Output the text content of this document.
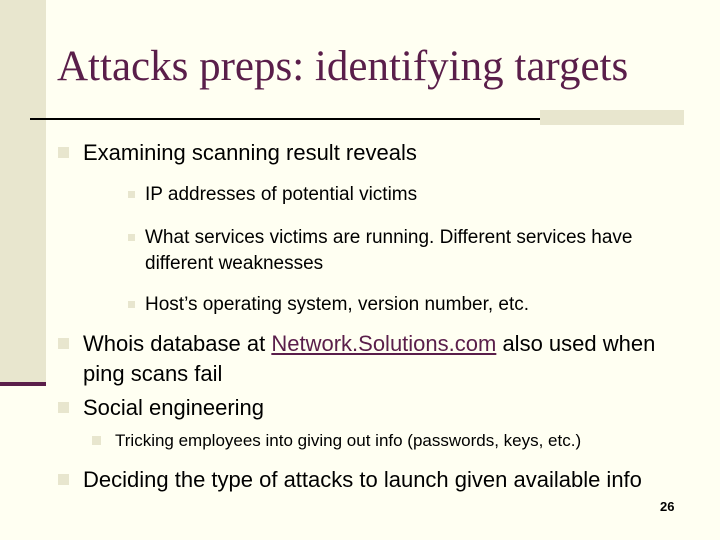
Attacks preps: identifying targets
Examining scanning result reveals
IP addresses of potential victims
What services victims are running. Different services have
different weaknesses
Host’s operating system, version number, etc.
Whois database at Network.Solutions.com also used when
ping scans fail
Social engineering
Tricking employees into giving out info (passwords, keys, etc.)
Deciding the type of attacks to launch given available info
26
